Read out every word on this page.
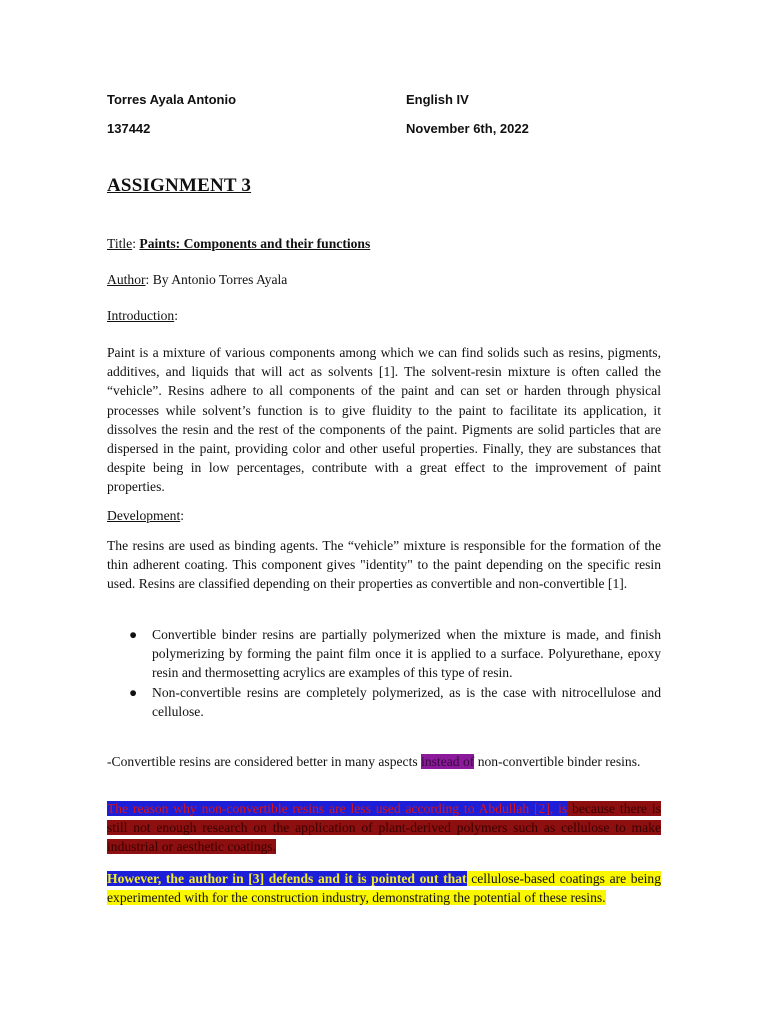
Torres Ayala Antonio	English IV
137442	November 6th, 2022
ASSIGNMENT 3
Title: Paints: Components and their functions
Author: By Antonio Torres Ayala
Introduction:
Paint is a mixture of various components among which we can find solids such as resins, pigments, additives, and liquids that will act as solvents [1]. The solvent-resin mixture is often called the “vehicle”. Resins adhere to all components of the paint and can set or harden through physical processes while solvent’s function is to give fluidity to the paint to facilitate its application, it dissolves the resin and the rest of the components of the paint. Pigments are solid particles that are dispersed in the paint, providing color and other useful properties. Finally, they are substances that despite being in low percentages, contribute with a great effect to the improvement of paint properties.
Development:
The resins are used as binding agents. The “vehicle” mixture is responsible for the formation of the thin adherent coating. This component gives "identity" to the paint depending on the specific resin used. Resins are classified depending on their properties as convertible and non-convertible [1].
● Convertible binder resins are partially polymerized when the mixture is made, and finish polymerizing by forming the paint film once it is applied to a surface. Polyurethane, epoxy resin and thermosetting acrylics are examples of this type of resin.
● Non-convertible resins are completely polymerized, as is the case with nitrocellulose and cellulose.
-Convertible resins are considered better in many aspects instead of non-convertible binder resins.
The reason why non-convertible resins are less used according to Abdullah [2], is because there is still not enough research on the application of plant-derived polymers such as cellulose to make industrial or aesthetic coatings.
However, the author in [3] defends and it is pointed out that cellulose-based coatings are being experimented with for the construction industry, demonstrating the potential of these resins.
